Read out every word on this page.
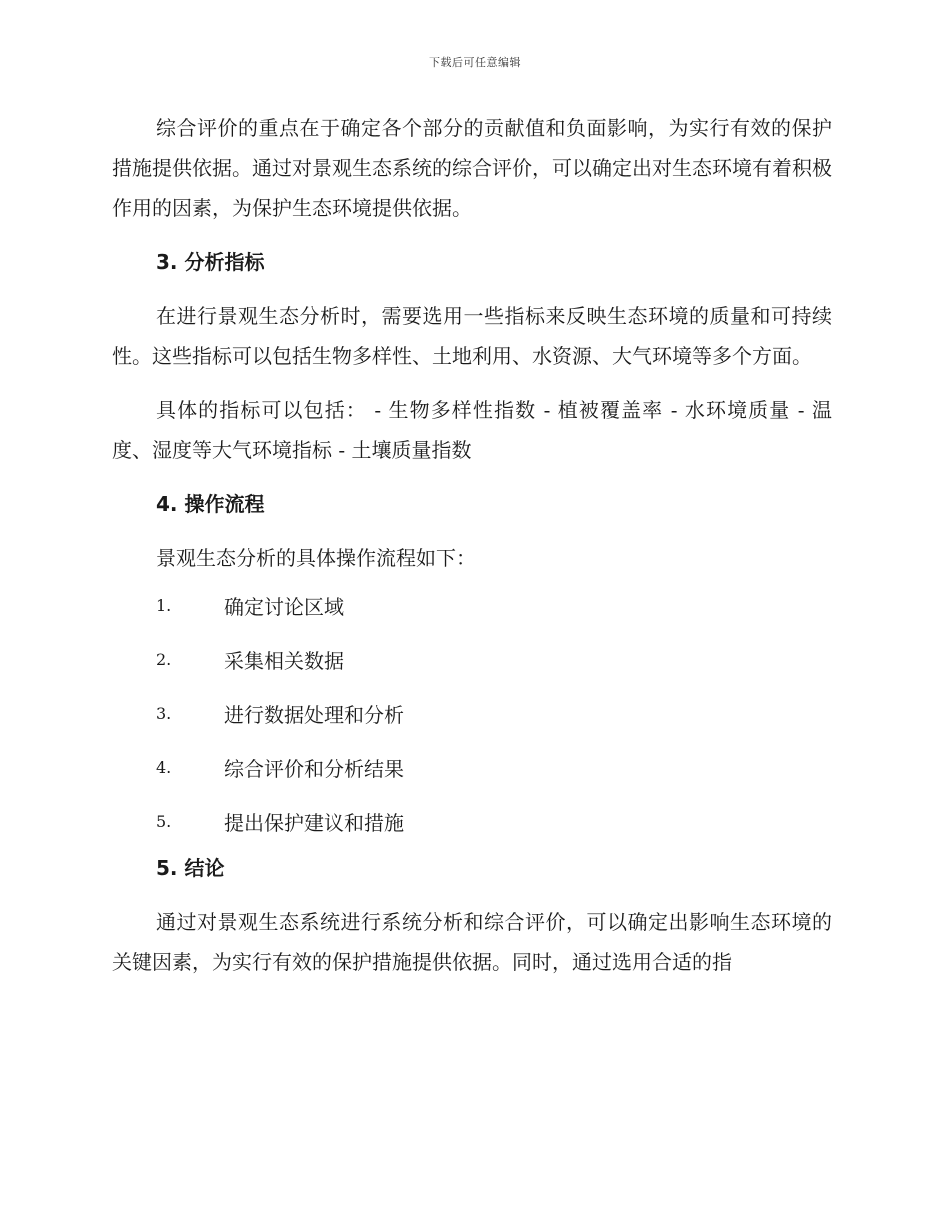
下载后可任意编辑

综合评价的重点在于确定各个部分的贡献值和负面影响，为实行有效的保护措施提供依据。通过对景观生态系统的综合评价，可以确定出对生态环境有着积极作用的因素，为保护生态环境提供依据。

3. 分析指标

在进行景观生态分析时，需要选用一些指标来反映生态环境的质量和可持续性。这些指标可以包括生物多样性、土地利用、水资源、大气环境等多个方面。

具体的指标可以包括： - 生物多样性指数 - 植被覆盖率 - 水环境质量 - 温度、湿度等大气环境指标 - 土壤质量指数

4. 操作流程

景观生态分析的具体操作流程如下：

1.	确定讨论区域
2.	采集相关数据
3.	进行数据处理和分析
4.	综合评价和分析结果
5.	提出保护建议和措施
5. 结论

通过对景观生态系统进行系统分析和综合评价，可以确定出影响生态环境的关键因素，为实行有效的保护措施提供依据。同时，通过选用合适的指
